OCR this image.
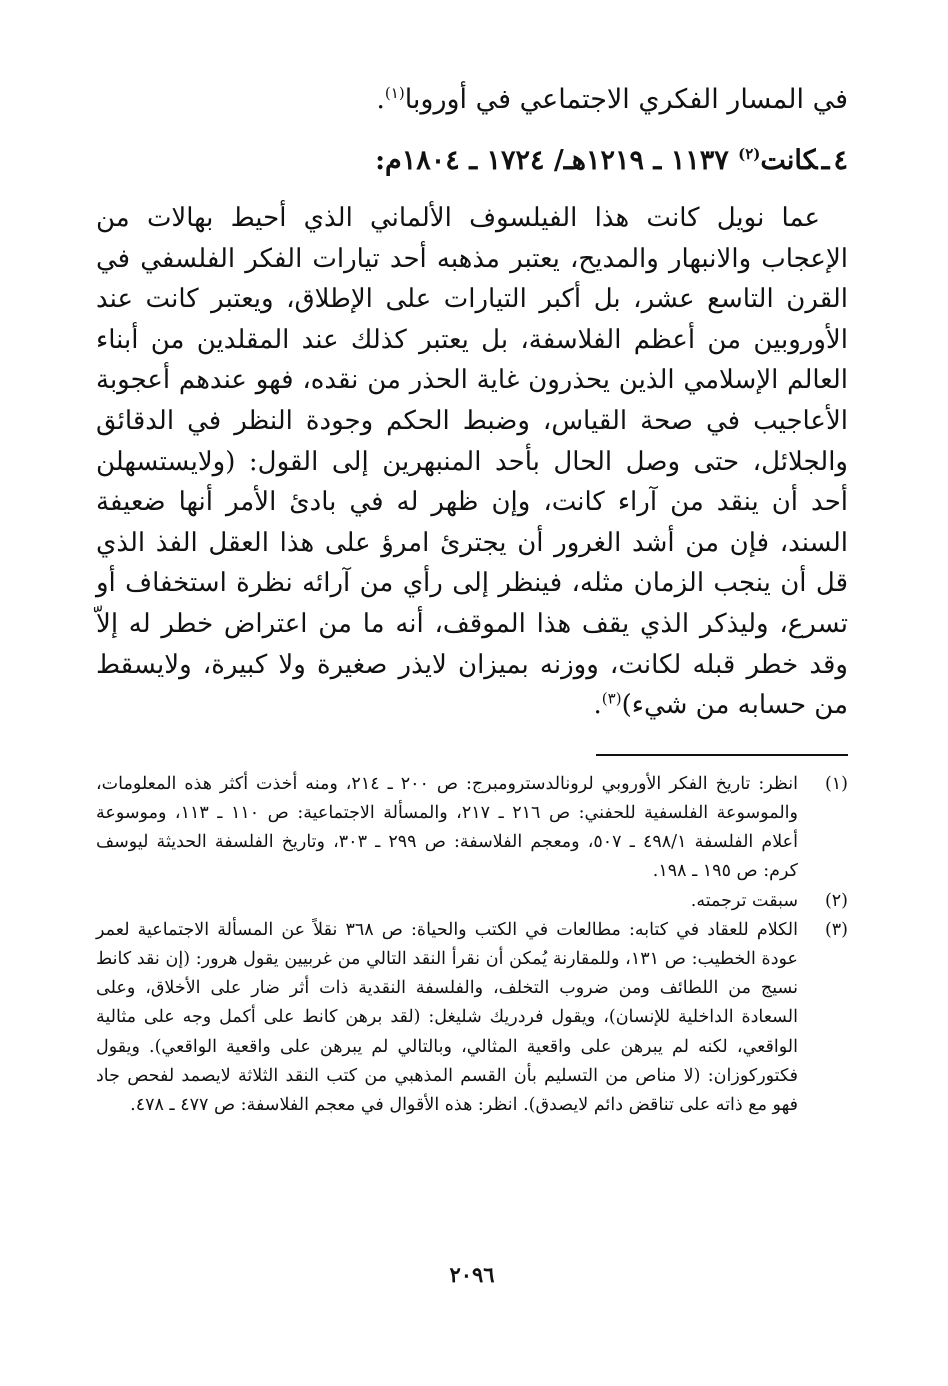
في المسار الفكري الاجتماعي في أوروبا$^{(١)}$.

٤ـكانت$^{(٢)}$ ١١٣٧ ـ ١٢١٩هـ/ ١٧٢٤ ـ ١٨٠٤م:

عما نويل كانت هذا الفيلسوف الألماني الذي أحيط بهالات من الإعجاب والانبهار والمديح، يعتبر مذهبه أحد تيارات الفكر الفلسفي في القرن التاسع عشر، بل أكبر التيارات على الإطلاق، ويعتبر كانت عند الأوروبين من أعظم الفلاسفة، بل يعتبر كذلك عند المقلدين من أبناء العالم الإسلامي الذين يحذرون غاية الحذر من نقده، فهو عندهم أعجوبة الأعاجيب في صحة القياس، وضبط الحكم وجودة النظر في الدقائق والجلائل، حتى وصل الحال بأحد المنبهرين إلى القول: (ولايستسهلن أحد أن ينقد من آراء كانت، وإن ظهر له في بادئ الأمر أنها ضعيفة السند، فإن من أشد الغرور أن يجترئ امرؤ على هذا العقل الفذ الذي قل أن ينجب الزمان مثله، فينظر إلى رأي من آرائه نظرة استخفاف أو تسرع، وليذكر الذي يقف هذا الموقف، أنه ما من اعتراض خطر له إلاّ وقد خطر قبله لكانت، ووزنه بميزان لايذر صغيرة ولا كبيرة، ولايسقط من حسابه من شيء)$^{(٣)}$.

(١)
انظر: تاريخ الفكر الأوروبي لرونالدسترومبرج: ص ٢٠٠ ـ ٢١٤، ومنه أخذت أكثر هذه المعلومات، والموسوعة الفلسفية للحفني: ص ٢١٦ ـ ٢١٧، والمسألة الاجتماعية: ص ١١٠ ـ ١١٣، وموسوعة أعلام الفلسفة ٤٩٨/١ ـ ٥٠٧، ومعجم الفلاسفة: ص ٢٩٩ ـ ٣٠٣، وتاريخ الفلسفة الحديثة ليوسف كرم: ص ١٩٥ ـ ١٩٨.
(٢)
سبقت ترجمته.
(٣)
الكلام للعقاد في كتابه: مطالعات في الكتب والحياة: ص ٣٦٨ نقلاً عن المسألة الاجتماعية لعمر عودة الخطيب: ص ١٣١، وللمقارنة يُمكن أن نقرأ النقد التالي من غربيين يقول هرور: (إن نقد كانط نسيج من اللطائف ومن ضروب التخلف، والفلسفة النقدية ذات أثر ضار على الأخلاق، وعلى السعادة الداخلية للإنسان)، ويقول فردريك شليغل: (لقد برهن كانط على أكمل وجه على مثالية الواقعي، لكنه لم يبرهن على واقعية المثالي، وبالتالي لم يبرهن على واقعية الواقعي). ويقول فكتوركوزان: (لا مناص من التسليم بأن القسم المذهبي من كتب النقد الثلاثة لايصمد لفحص جاد فهو مع ذاته على تناقض دائم لايصدق). انظر: هذه الأقوال في معجم الفلاسفة: ص ٤٧٧ ـ ٤٧٨.
٢٠٩٦
